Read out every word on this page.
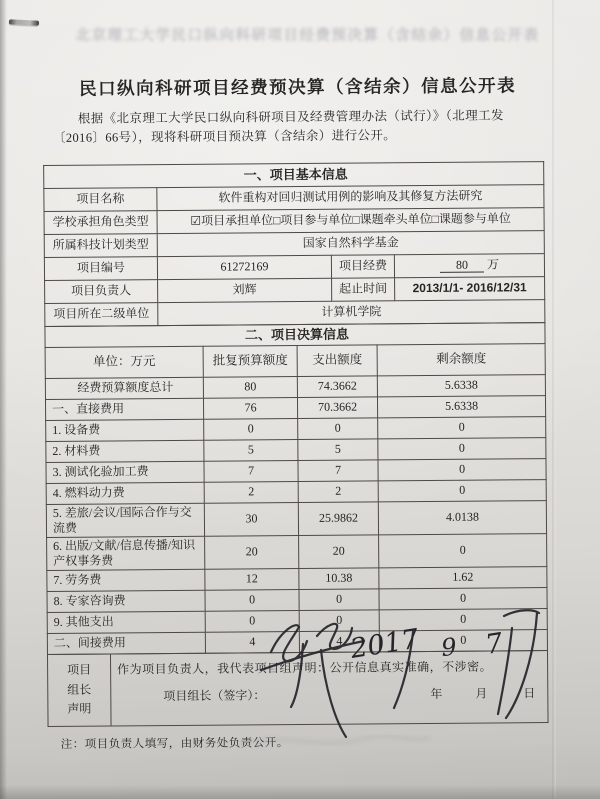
北京理工大学民口纵向科研项目经费预决算（含结余）信息公开表
民口纵向科研项目经费预决算（含结余）信息公开表

根据《北京理工大学民口纵向科研项目及经费管理办法（试行）》（北理工发〔2016〕66号），现将科研项目预决算（含结余）进行公开。

一、项目基本信息			
项目名称	软件重构对回归测试用例的影响及其修复方法研究		
学校承担角色类型	☑项目承担单位□项目参与单位□课题牵头单位□课题参与单位		
所属科技计划类型	国家自然科学基金		
项目编号	61272169	项目经费	80 万
项目负责人	刘辉	起止时间	2013/1/1- 2016/12/31
项目所在二级单位	计算机学院		
二、项目决算信息			
单位：万元	批复预算额度	支出额度	剩余额度
经费预算额度总计	80	74.3662	5.6338
一、直接费用	76	70.3662	5.6338
1. 设备费	0	0	0
2. 材料费	5	5	0
3. 测试化验加工费	7	7	0
4. 燃料动力费	2	2	0
5. 差旅/会议/国际合作与交流费	30	25.9862	4.0138
6. 出版/文献/信息传播/知识产权事务费	20	20	0
7. 劳务费	12	10.38	1.62
8. 专家咨询费	0	0	0
9. 其他支出	0	0	0
二、间接费用	4	4	0
项目组长声明

作为项目负责人，我代表项目组声明：公开信息真实准确，不涉密。
项目组长（签字）：	年	月	日

注：项目负责人填写，由财务处负责公开。

2017 9 7
